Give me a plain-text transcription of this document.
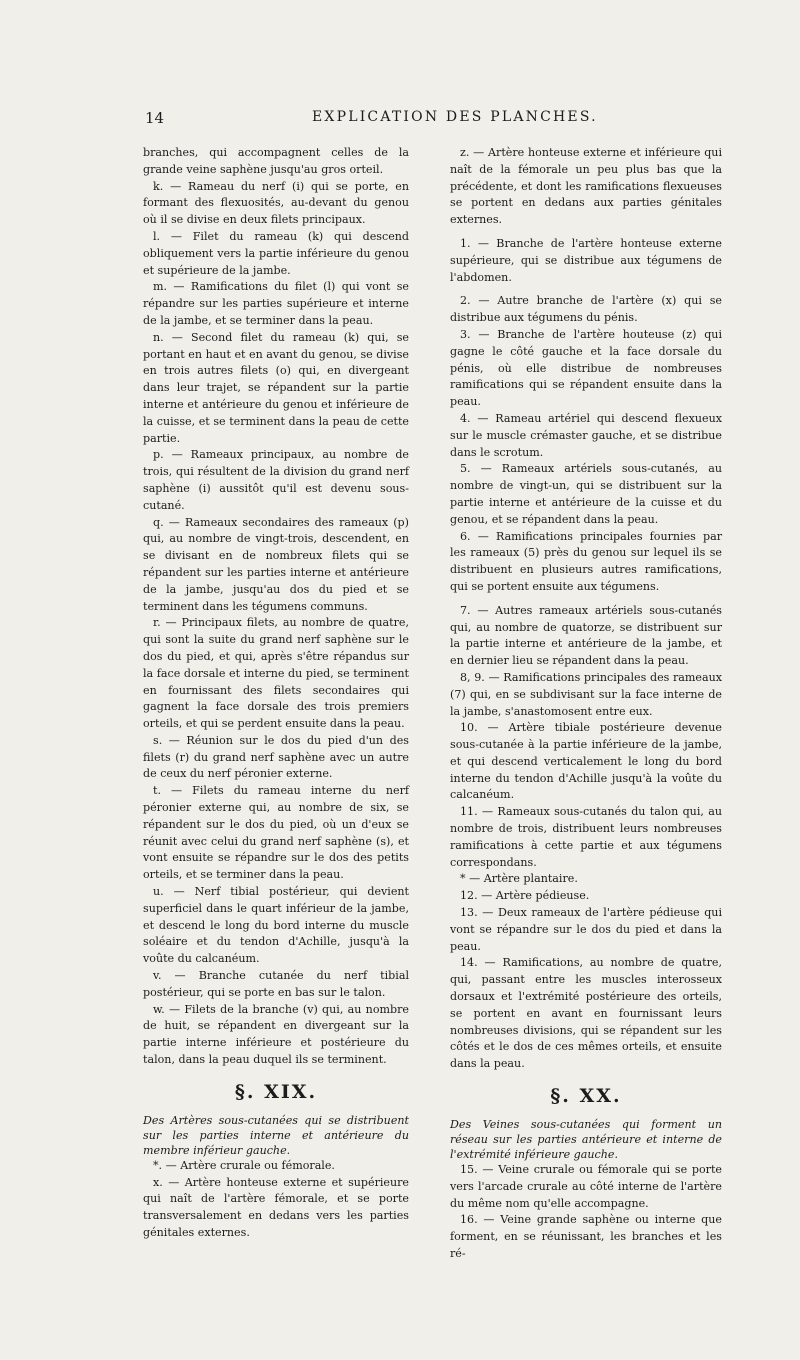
14	EXPLICATION DES PLANCHES.

branches, qui accompagnent celles de la grande veine saphène jusqu'au gros orteil.

k. — Rameau du nerf (i) qui se porte, en formant des flexuosités, au-devant du genou où il se divise en deux filets principaux.

l. — Filet du rameau (k) qui descend obliquement vers la partie inférieure du genou et supérieure de la jambe.

m. — Ramifications du filet (l) qui vont se répandre sur les parties supérieure et interne de la jambe, et se terminer dans la peau.

n. — Second filet du rameau (k) qui, se portant en haut et en avant du genou, se divise en trois autres filets (o) qui, en divergeant dans leur trajet, se répandent sur la partie interne et antérieure du genou et inférieure de la cuisse, et se terminent dans la peau de cette partie.

p. — Rameaux principaux, au nombre de trois, qui résultent de la division du grand nerf saphène (i) aussitôt qu'il est devenu sous-cutané.

q. — Rameaux secondaires des rameaux (p) qui, au nombre de vingt-trois, descendent, en se divisant en de nombreux filets qui se répandent sur les parties interne et antérieure de la jambe, jusqu'au dos du pied et se terminent dans les tégumens communs.

r. — Principaux filets, au nombre de quatre, qui sont la suite du grand nerf saphène sur le dos du pied, et qui, après s'être répandus sur la face dorsale et interne du pied, se terminent en fournissant des filets secondaires qui gagnent la face dorsale des trois premiers orteils, et qui se perdent ensuite dans la peau.

s. — Réunion sur le dos du pied d'un des filets (r) du grand nerf saphène avec un autre de ceux du nerf péronier externe.

t. — Filets du rameau interne du nerf péronier externe qui, au nombre de six, se répandent sur le dos du pied, où un d'eux se réunit avec celui du grand nerf saphène (s), et vont ensuite se répandre sur le dos des petits orteils, et se terminer dans la peau.

u. — Nerf tibial postérieur, qui devient superficiel dans le quart inférieur de la jambe, et descend le long du bord interne du muscle soléaire et du tendon d'Achille, jusqu'à la voûte du calcanéum.

v. — Branche cutanée du nerf tibial postérieur, qui se porte en bas sur le talon.

w. — Filets de la branche (v) qui, au nombre de huit, se répandent en divergeant sur la partie interne inférieure et postérieure du talon, dans la peau duquel ils se terminent.

§. XIX.

Des Artères sous-cutanées qui se distribuent sur les parties interne et antérieure du membre inférieur gauche.

*. — Artère crurale ou fémorale.

x. — Artère honteuse externe et supérieure qui naît de l'artère fémorale, et se porte transversalement en dedans vers les parties génitales externes.

z. — Artère honteuse externe et inférieure qui naît de la fémorale un peu plus bas que la précédente, et dont les ramifications flexueuses se portent en dedans aux parties génitales externes.

1. — Branche de l'artère honteuse externe supérieure, qui se distribue aux tégumens de l'abdomen.

2. — Autre branche de l'artère (x) qui se distribue aux tégumens du pénis.

3. — Branche de l'artère houteuse (z) qui gagne le côté gauche et la face dorsale du pénis, où elle distribue de nombreuses ramifications qui se répandent ensuite dans la peau.

4. — Rameau artériel qui descend flexueux sur le muscle crémaster gauche, et se distribue dans le scrotum.

5. — Rameaux artériels sous-cutanés, au nombre de vingt-un, qui se distribuent sur la partie interne et antérieure de la cuisse et du genou, et se répandent dans la peau.

6. — Ramifications principales fournies par les rameaux (5) près du genou sur lequel ils se distribuent en plusieurs autres ramifications, qui se portent ensuite aux tégumens.

7. — Autres rameaux artériels sous-cutanés qui, au nombre de quatorze, se distribuent sur la partie interne et antérieure de la jambe, et en dernier lieu se répandent dans la peau.

8, 9. — Ramifications principales des rameaux (7) qui, en se subdivisant sur la face interne de la jambe, s'anastomosent entre eux.

10. — Artère tibiale postérieure devenue sous-cutanée à la partie inférieure de la jambe, et qui descend verticalement le long du bord interne du tendon d'Achille jusqu'à la voûte du calcanéum.

11. — Rameaux sous-cutanés du talon qui, au nombre de trois, distribuent leurs nombreuses ramifications à cette partie et aux tégumens correspondans.

* — Artère plantaire.

12. — Artère pédieuse.

13. — Deux rameaux de l'artère pédieuse qui vont se répandre sur le dos du pied et dans la peau.

14. — Ramifications, au nombre de quatre, qui, passant entre les muscles interosseux dorsaux et l'extrémité postérieure des orteils, se portent en avant en fournissant leurs nombreuses divisions, qui se répandent sur les côtés et le dos de ces mêmes orteils, et ensuite dans la peau.

§. XX.

Des Veines sous-cutanées qui forment un réseau sur les parties antérieure et interne de l'extrémité inférieure gauche.

15. — Veine crurale ou fémorale qui se porte vers l'arcade crurale au côté interne de l'artère du même nom qu'elle accompagne.

16. — Veine grande saphène ou interne que forment, en se réunissant, les branches et les ré-
